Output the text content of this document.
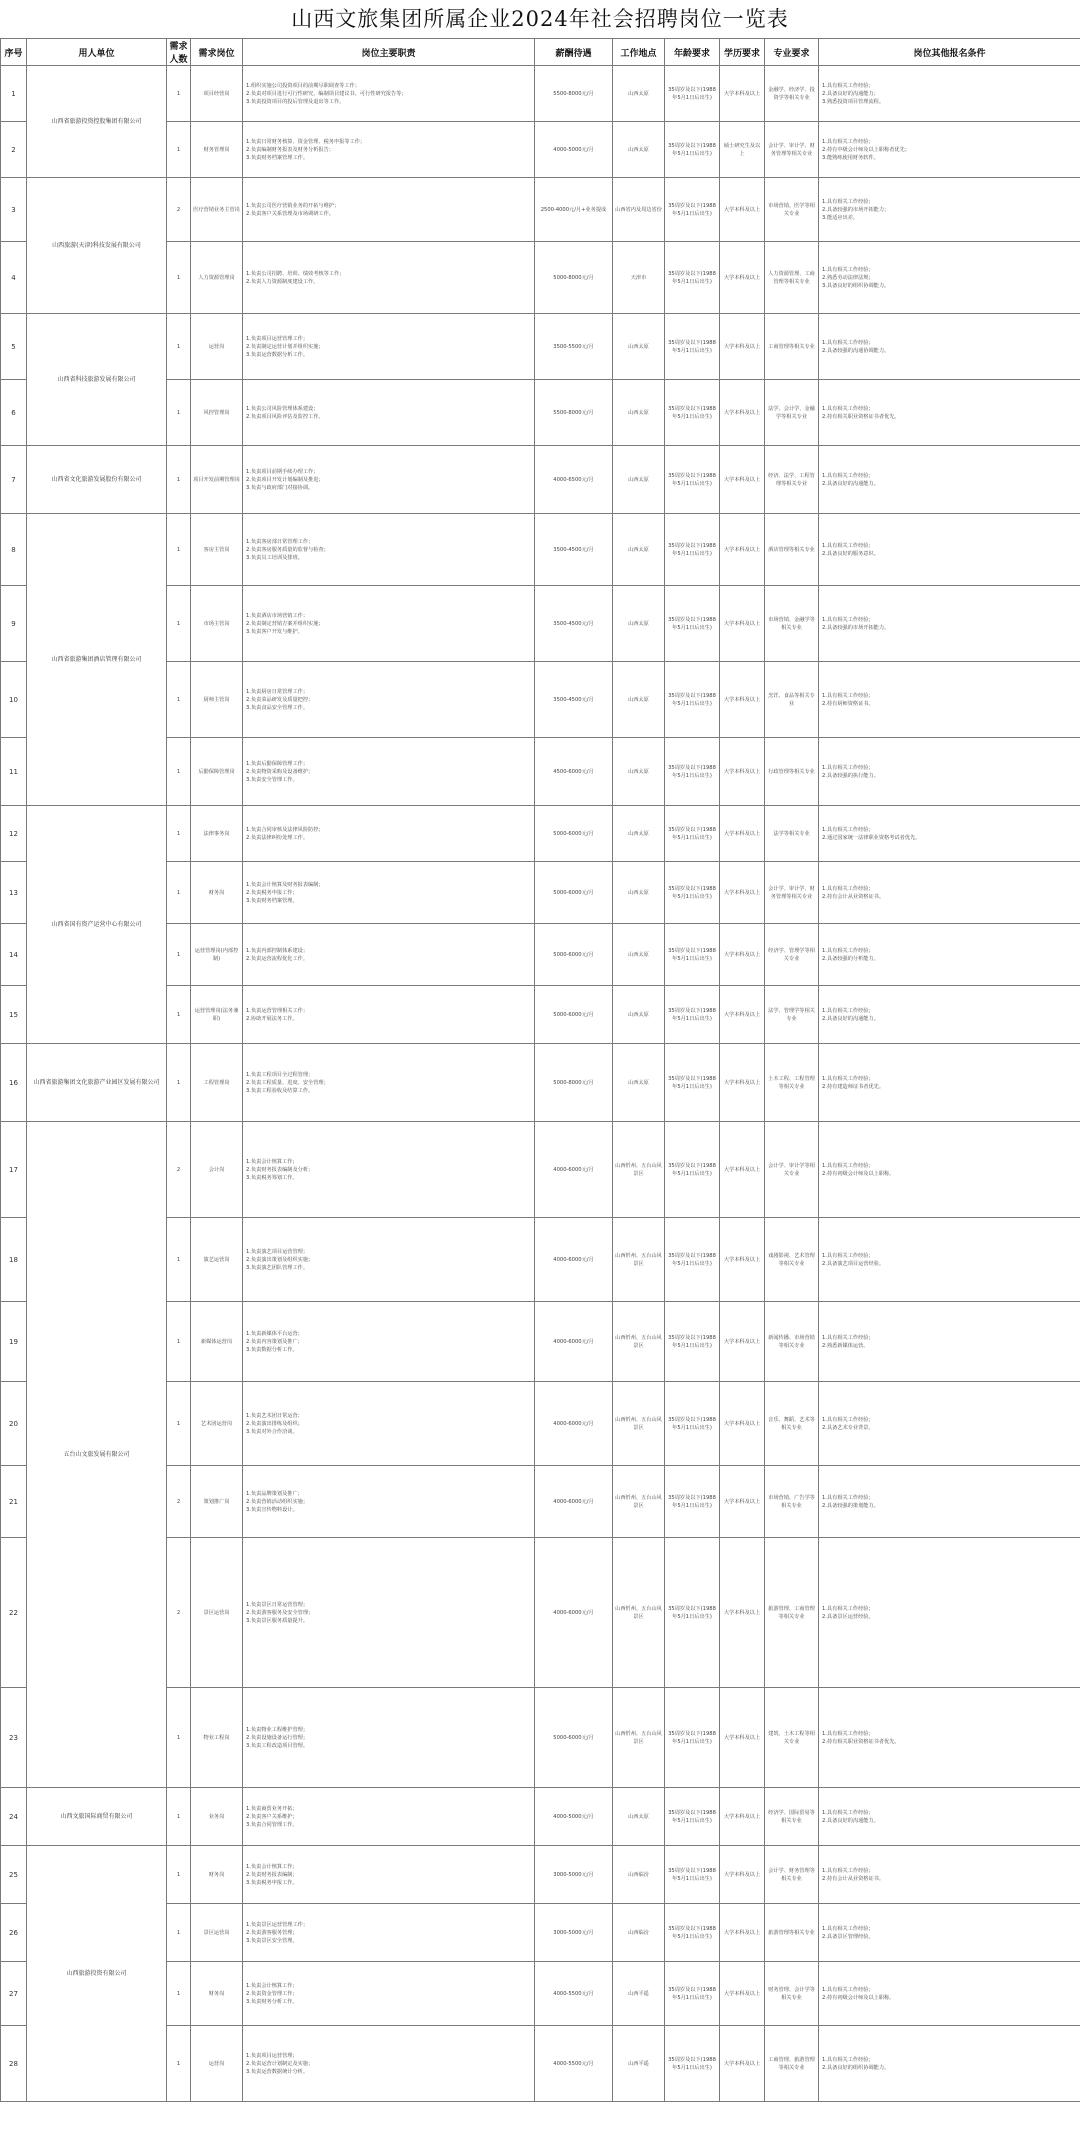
山西文旅集团所属企业2024年社会招聘岗位一览表
序号	用人单位	需求人数	需求岗位	岗位主要职责	薪酬待遇	工作地点	年龄要求	学历要求	专业要求	岗位其他报名条件
1	山西省旅游投资控股集团有限公司	1	项目经营岗	1.组织实施公司投资项目的前期尽职调查等工作；
2.负责对项目进行可行性研究，编制项目建议书、可行性研究报告等；
3.负责投资项目的投后管理及退出等工作。	5500-8000元/月	山西太原	35周岁及以下(1988年5月1日后出生)	大学本科及以上	金融学、经济学、投资学等相关专业	1.具有相关工作经验；
2.具备良好的沟通能力；
3.熟悉投资项目管理流程。

2		1	财务管理岗	1.负责日常财务核算、资金管理、税务申报等工作；
2.负责编制财务报表及财务分析报告；
3.负责财务档案管理工作。	4000-5000元/月	山西太原	35周岁及以下(1988年5月1日后出生)	硕士研究生及以上	会计学、审计学、财务管理等相关专业	1.具有相关工作经验；
2.持有中级会计师及以上职称者优先；
3.能熟练使用财务软件。

3	山西旅游(天津)科技发展有限公司	2	医疗营销业务主管岗	1.负责公司医疗营销业务的开拓与维护；
2.负责客户关系管理及市场调研工作。	2500-4000元/月+业务提成	山西省内及周边省份	35周岁及以下(1988年5月1日后出生)	大学本科及以上	市场营销、医学等相关专业	1.具有相关工作经验；
2.具备较强的市场开拓能力；
3.能适应出差。

4		1	人力资源管理岗	1.负责公司招聘、培训、绩效考核等工作；
2.负责人力资源制度建设工作。	5000-8000元/月	天津市	35周岁及以下(1988年5月1日后出生)	大学本科及以上	人力资源管理、工商管理等相关专业	1.具有相关工作经验；
2.熟悉劳动法律法规；
3.具备良好的组织协调能力。

5	山西省科技旅游发展有限公司	1	运营岗	1.负责项目运营管理工作；
2.负责制定运营计划并组织实施；
3.负责运营数据分析工作。	3500-5500元/月	山西太原	35周岁及以下(1988年5月1日后出生)	大学本科及以上	工商管理等相关专业	1.具有相关工作经验；
2.具备较强的沟通协调能力。

6		1	风控管理岗	1.负责公司风险管理体系建设；
2.负责项目风险评估及监控工作。	5500-8000元/月	山西太原	35周岁及以下(1988年5月1日后出生)	大学本科及以上	法学、会计学、金融学等相关专业	1.具有相关工作经验；
2.持有相关职业资格证书者优先。

7	山西省文化旅游发展股份有限公司	1	项目开发前期管理岗	1.负责项目前期手续办理工作；
2.负责项目开发计划编制及推进；
3.负责与政府部门对接协调。	4000-6500元/月	山西太原	35周岁及以下(1988年5月1日后出生)	大学本科及以上	经济、法学、工程管理等相关专业	1.具有相关工作经验；
2.具备良好的沟通能力。

8	山西省旅游集团酒店管理有限公司	1	客房主管岗	1.负责客房部日常管理工作；
2.负责客房服务质量的监督与检查；
3.负责员工培训及排班。	3500-4500元/月	山西太原	35周岁及以下(1988年5月1日后出生)	大学本科及以上	酒店管理等相关专业	1.具有相关工作经验；
2.具备良好的服务意识。

9		1	市场主管岗	1.负责酒店市场营销工作；
2.负责制定营销方案并组织实施；
3.负责客户开发与维护。	3500-4500元/月	山西太原	35周岁及以下(1988年5月1日后出生)	大学本科及以上	市场营销、金融学等相关专业	1.具有相关工作经验；
2.具备较强的市场开拓能力。

10		1	厨师主管岗	1.负责厨房日常管理工作；
2.负责菜品研发及质量把控；
3.负责食品安全管理工作。	3500-4500元/月	山西太原	35周岁及以下(1988年5月1日后出生)	大学本科及以上	烹饪、食品等相关专业	1.具有相关工作经验；
2.持有厨师资格证书。

11		1	后勤保障管理岗	1.负责后勤保障管理工作；
2.负责物资采购及设备维护；
3.负责安全管理工作。	4500-6000元/月	山西太原	35周岁及以下(1988年5月1日后出生)	大学本科及以上	行政管理等相关专业	1.具有相关工作经验；
2.具备较强的执行能力。

12	山西省国有资产运营中心有限公司	1	法律事务岗	1.负责合同审核及法律风险防控；
2.负责法律纠纷处理工作。	5000-6000元/月	山西太原	35周岁及以下(1988年5月1日后出生)	大学本科及以上	法学等相关专业	1.具有相关工作经验；
2.通过国家统一法律职业资格考试者优先。

13		1	财务岗	1.负责会计核算及财务报表编制；
2.负责税务申报工作；
3.负责财务档案管理。	5000-6000元/月	山西太原	35周岁及以下(1988年5月1日后出生)	大学本科及以上	会计学、审计学、财务管理等相关专业	1.具有相关工作经验；
2.持有会计从业资格证书。

14		1	运营管理岗(内部控制)	1.负责内部控制体系建设；
2.负责运营流程优化工作。	5000-6000元/月	山西太原	35周岁及以下(1988年5月1日后出生)	大学本科及以上	经济学、管理学等相关专业	1.具有相关工作经验；
2.具备较强的分析能力。

15		1	运营管理岗(法务兼职)	1.负责运营管理相关工作；
2.协助开展法务工作。	5000-6000元/月	山西太原	35周岁及以下(1988年5月1日后出生)	大学本科及以上	法学、管理学等相关专业	1.具有相关工作经验；
2.具备良好的沟通能力。

16	山西省旅游集团文化旅游产业园区发展有限公司	1	工程管理岗	1.负责工程项目全过程管理；
2.负责工程质量、进度、安全管理；
3.负责工程验收及结算工作。	5000-8000元/月	山西太原	35周岁及以下(1988年5月1日后出生)	大学本科及以上	土木工程、工程管理等相关专业	1.具有相关工作经验；
2.持有建造师证书者优先。

17	五台山文旅发展有限公司	2	会计岗	1.负责会计核算工作；
2.负责财务报表编制及分析；
3.负责税务筹划工作。	4000-6000元/月	山西忻州、五台山风景区	35周岁及以下(1988年5月1日后出生)	大学本科及以上	会计学、审计学等相关专业	1.具有相关工作经验；
2.持有初级会计师及以上职称。

18		1	演艺运营岗	1.负责演艺项目运营管理；
2.负责演出策划及组织实施；
3.负责演艺团队管理工作。	4000-6000元/月	山西忻州、五台山风景区	35周岁及以下(1988年5月1日后出生)	大学本科及以上	戏剧影视、艺术管理等相关专业	1.具有相关工作经验；
2.具备演艺项目运营经验。

19		1	新媒体运营岗	1.负责新媒体平台运营；
2.负责内容策划及推广；
3.负责数据分析工作。	4000-6000元/月	山西忻州、五台山风景区	35周岁及以下(1988年5月1日后出生)	大学本科及以上	新闻传播、市场营销等相关专业	1.具有相关工作经验；
2.熟悉新媒体运营。

20		1	艺术团运营岗	1.负责艺术团日常运营；
2.负责演出排练及组织；
3.负责对外合作洽谈。	4000-6000元/月	山西忻州、五台山风景区	35周岁及以下(1988年5月1日后出生)	大学本科及以上	音乐、舞蹈、艺术等相关专业	1.具有相关工作经验；
2.具备艺术专业背景。

21		2	策划推广岗	1.负责品牌策划及推广；
2.负责营销活动组织实施；
3.负责宣传物料设计。	4000-6000元/月	山西忻州、五台山风景区	35周岁及以下(1988年5月1日后出生)	大学本科及以上	市场营销、广告学等相关专业	1.具有相关工作经验；
2.具备较强的策划能力。

22		2	景区运营岗	1.负责景区日常运营管理；
2.负责游客服务及安全管理；
3.负责景区服务质量提升。	4000-6000元/月	山西忻州、五台山风景区	35周岁及以下(1988年5月1日后出生)	大学本科及以上	旅游管理、工商管理等相关专业	1.具有相关工作经验；
2.具备景区运营经验。

23		1	物业工程岗	1.负责物业工程维护管理；
2.负责设施设备运行管理；
3.负责工程改造项目管理。	5000-6000元/月	山西忻州、五台山风景区	35周岁及以下(1988年5月1日后出生)	大学本科及以上	建筑、土木工程等相关专业	1.具有相关工作经验；
2.持有相关职业资格证书者优先。

24	山西文旅国际商贸有限公司	1	业务岗	1.负责商贸业务开拓；
2.负责客户关系维护；
3.负责合同管理工作。	4000-5000元/月	山西太原	35周岁及以下(1988年5月1日后出生)	大学本科及以上	经济学、国际贸易等相关专业	1.具有相关工作经验；
2.具备良好的沟通能力。

25	山西旅游投资有限公司	1	财务岗	1.负责会计核算工作；
2.负责财务报表编制；
3.负责税务申报工作。	3000-5000元/月	山西临汾	35周岁及以下(1988年5月1日后出生)	大学本科及以上	会计学、财务管理等相关专业	1.具有相关工作经验；
2.持有会计从业资格证书。

26		1	景区运营岗	1.负责景区运营管理工作；
2.负责游客服务管理；
3.负责景区安全管理。	3000-5000元/月	山西临汾	35周岁及以下(1988年5月1日后出生)	大学本科及以上	旅游管理等相关专业	1.具有相关工作经验；
2.具备景区管理经验。

27		1	财务岗	1.负责会计核算工作；
2.负责资金管理工作；
3.负责财务分析工作。	4000-5500元/月	山西平遥	35周岁及以下(1988年5月1日后出生)	大学本科及以上	财务管理、会计学等相关专业	1.具有相关工作经验；
2.持有初级会计师及以上职称。

28		1	运营岗	1.负责项目运营管理；
2.负责运营计划制定及实施；
3.负责运营数据统计分析。	4000-5500元/月	山西平遥	35周岁及以下(1988年5月1日后出生)	大学本科及以上	工商管理、旅游管理等相关专业	1.具有相关工作经验；
2.具备良好的组织协调能力。
